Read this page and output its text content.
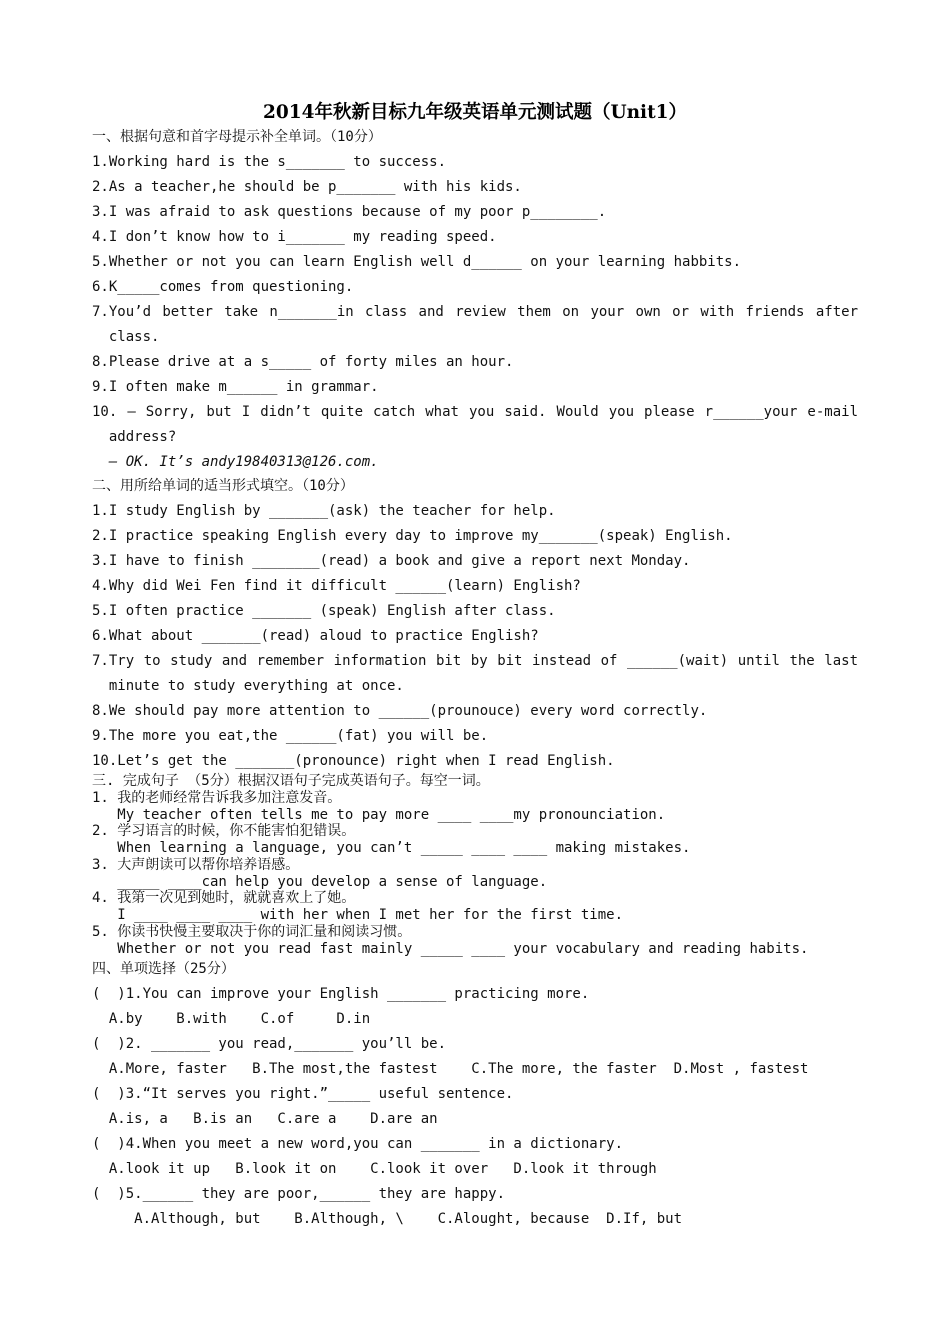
2014年秋新目标九年级英语单元测试题（Unit1）

一、根据句意和首字母提示补全单词。（10分）

1.Working hard is the s_______ to success.

2.As a teacher,he should be p_______ with his kids.

3.I was afraid to ask questions because of my poor p________.

4.I don’t know how to i_______ my reading speed.

5.Whether or not you can learn English well d______ on your learning habbits.

6.K_____comes from questioning.

7.You’d better take n_______in class and review them on your own or with friends after

class.

8.Please drive at a s_____ of forty miles an hour.

9.I often make m______ in grammar.

10. — Sorry, but I didn’t quite catch what you said. Would you please r______your e-mail

address?

— OK. It’s andy19840313@126.com.

二、用所给单词的适当形式填空。（10分）

1.I study English by _______(ask) the teacher for help.

2.I practice speaking English every day to improve my_______(speak) English.

3.I have to finish ________(read) a book and give a report next Monday.

4.Why did Wei Fen find it difficult ______(learn) English?

5.I often practice _______ (speak) English after class.

6.What about _______(read) aloud to practice English?

7.Try to study and remember information bit by bit instead of ______(wait) until the last

minute to study everything at once.

8.We should pay more attention to ______(prounouce) every word correctly.

9.The more you eat,the ______(fat) you will be.

10.Let’s get the _______(pronounce) right when I read English.

三. 完成句子 （5分）根据汉语句子完成英语句子。每空一词。

1. 我的老师经常告诉我多加注意发音。

My teacher often tells me to pay more ____ ____my pronounciation.

2. 学习语言的时候，你不能害怕犯错误。

When learning a language, you can’t _____ ____ ____ making mistakes.

3. 大声朗读可以帮你培养语感。

_____ ____can help you develop a sense of language.

4. 我第一次见到她时，就就喜欢上了她。

I ____ ____ ____ with her when I met her for the first time.

5. 你读书快慢主要取决于你的词汇量和阅读习惯。

Whether or not you read fast mainly _____ ____ your vocabulary and reading habits.

四、单项选择（25分）

(  )1.You can improve your English _______ practicing more.

A.by    B.with    C.of     D.in

(  )2. _______ you read,_______ you’ll be.

A.More, faster   B.The most,the fastest    C.The more, the faster  D.Most , fastest

(  )3.“It serves you right.”_____ useful sentence.

A.is, a   B.is an   C.are a    D.are an

(  )4.When you meet a new word,you can _______ in a dictionary.

A.look it up   B.look it on    C.look it over   D.look it through

(  )5.______ they are poor,______ they are happy.

A.Although, but    B.Although, \    C.Alought, because  D.If, but
